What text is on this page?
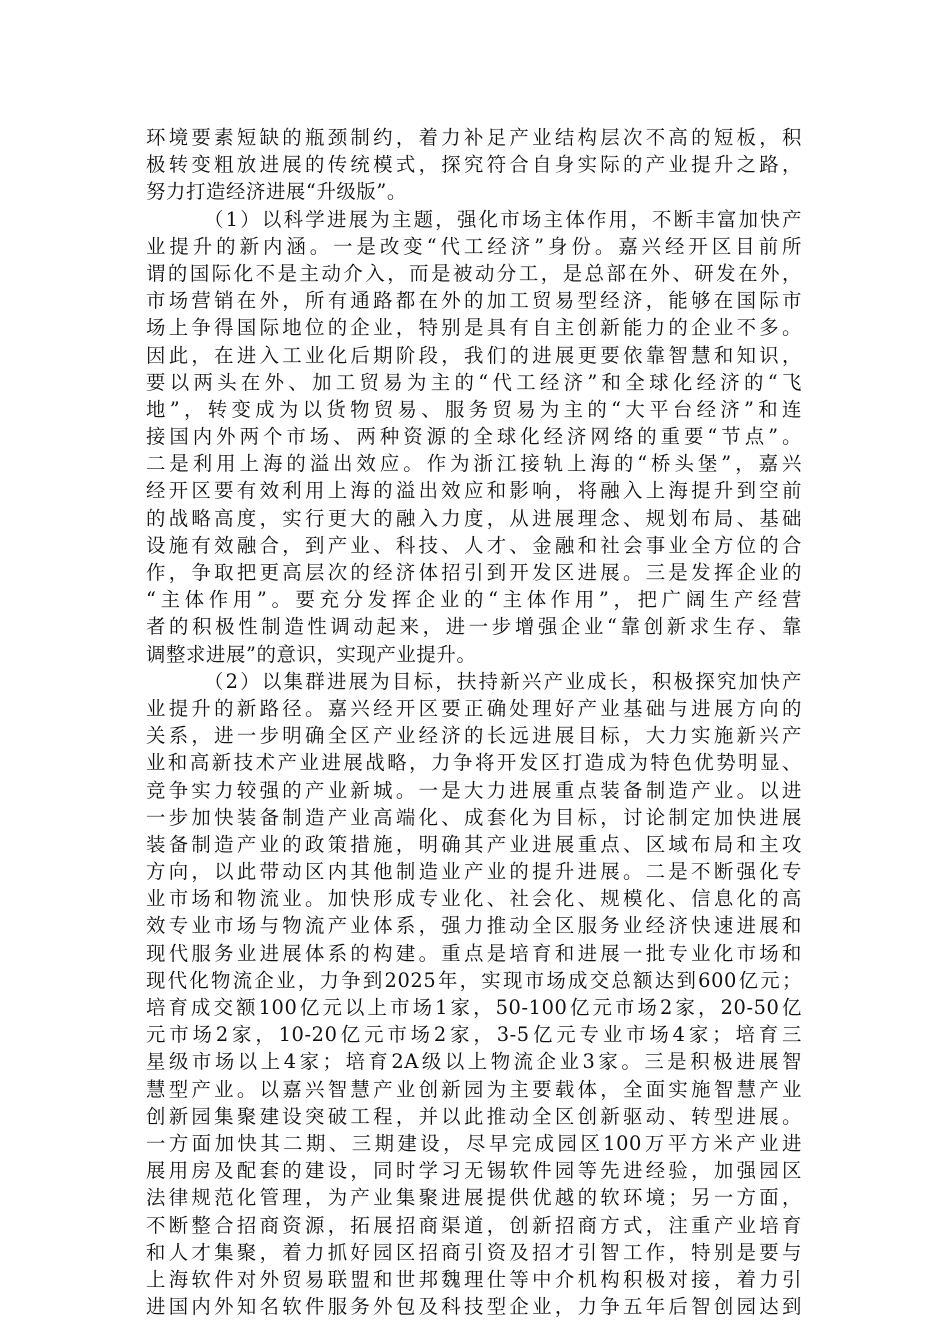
环境要素短缺的瓶颈制约，着力补足产业结构层次不高的短板，积
极转变粗放进展的传统模式，探究符合自身实际的产业提升之路，
努力打造经济进展“升级版”。
（1）以科学进展为主题，强化市场主体作用，不断丰富加快产
业提升的新内涵。一是改变“代工经济”身份。嘉兴经开区目前所
谓的国际化不是主动介入，而是被动分工，是总部在外、研发在外，
市场营销在外，所有通路都在外的加工贸易型经济，能够在国际市
场上争得国际地位的企业，特别是具有自主创新能力的企业不多。
因此，在进入工业化后期阶段，我们的进展更要依靠智慧和知识，
要以两头在外、加工贸易为主的“代工经济”和全球化经济的“飞
地”，转变成为以货物贸易、服务贸易为主的“大平台经济”和连
接国内外两个市场、两种资源的全球化经济网络的重要“节点”。
二是利用上海的溢出效应。作为浙江接轨上海的“桥头堡”，嘉兴
经开区要有效利用上海的溢出效应和影响，将融入上海提升到空前
的战略高度，实行更大的融入力度，从进展理念、规划布局、基础
设施有效融合，到产业、科技、人才、金融和社会事业全方位的合
作，争取把更高层次的经济体招引到开发区进展。三是发挥企业的
“主体作用”。要充分发挥企业的“主体作用”，把广阔生产经营
者的积极性制造性调动起来，进一步增强企业“靠创新求生存、靠
调整求进展”的意识，实现产业提升。
（2）以集群进展为目标，扶持新兴产业成长，积极探究加快产
业提升的新路径。嘉兴经开区要正确处理好产业基础与进展方向的
关系，进一步明确全区产业经济的长远进展目标，大力实施新兴产
业和高新技术产业进展战略，力争将开发区打造成为特色优势明显、
竞争实力较强的产业新城。一是大力进展重点装备制造产业。以进
一步加快装备制造产业高端化、成套化为目标，讨论制定加快进展
装备制造产业的政策措施，明确其产业进展重点、区域布局和主攻
方向，以此带动区内其他制造业产业的提升进展。二是不断强化专
业市场和物流业。加快形成专业化、社会化、规模化、信息化的高
效专业市场与物流产业体系，强力推动全区服务业经济快速进展和
现代服务业进展体系的构建。重点是培育和进展一批专业化市场和
现代化物流企业，力争到2025年，实现市场成交总额达到600亿元；
培育成交额100亿元以上市场1家，50-100亿元市场2家，20-50亿
元市场2家，10-20亿元市场2家，3-5亿元专业市场4家；培育三
星级市场以上4家；培育2A级以上物流企业3家。三是积极进展智
慧型产业。以嘉兴智慧产业创新园为主要载体，全面实施智慧产业
创新园集聚建设突破工程，并以此推动全区创新驱动、转型进展。
一方面加快其二期、三期建设，尽早完成园区100万平方米产业进
展用房及配套的建设，同时学习无锡软件园等先进经验，加强园区
法律规范化管理，为产业集聚进展提供优越的软环境；另一方面，
不断整合招商资源，拓展招商渠道，创新招商方式，注重产业培育
和人才集聚，着力抓好园区招商引资及招才引智工作，特别是要与
上海软件对外贸易联盟和世邦魏理仕等中介机构积极对接，着力引
进国内外知名软件服务外包及科技型企业，力争五年后智创园达到
